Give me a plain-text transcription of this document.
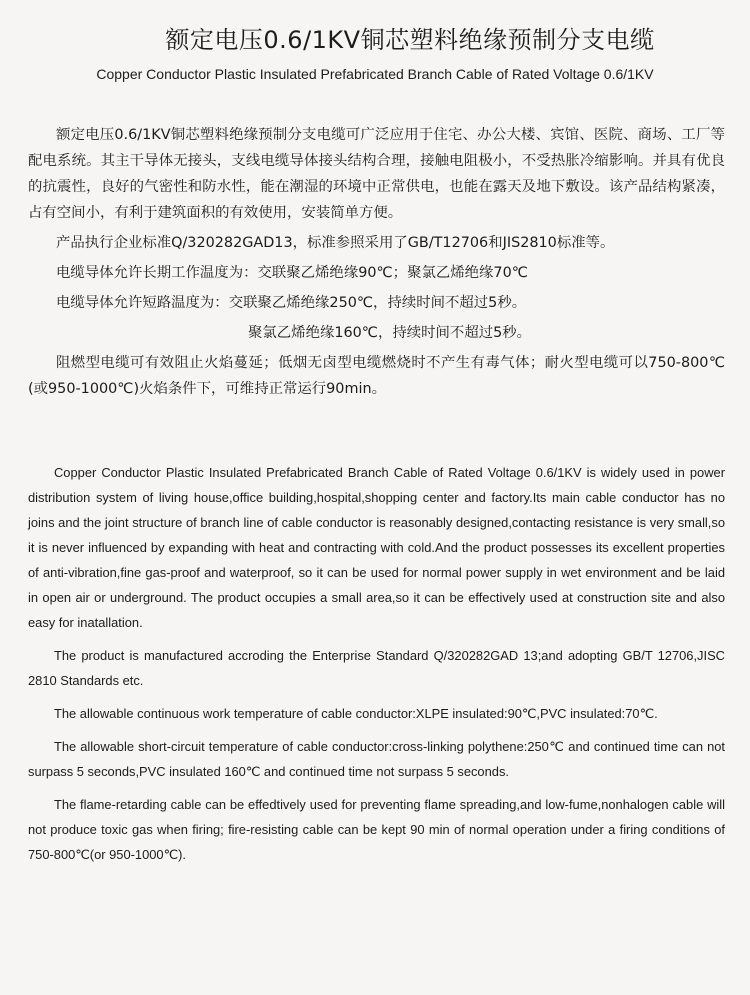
额定电压0.6/1KV铜芯塑料绝缘预制分支电缆
Copper Conductor Plastic Insulated Prefabricated Branch Cable of Rated Voltage 0.6/1KV

额定电压0.6/1KV铜芯塑料绝缘预制分支电缆可广泛应用于住宅、办公大楼、宾馆、医院、商场、工厂等配电系统。其主干导体无接头，支线电缆导体接头结构合理，接触电阻极小，不受热胀冷缩影响。并具有优良的抗震性，良好的气密性和防水性，能在潮湿的环境中正常供电，也能在露天及地下敷设。该产品结构紧凑，占有空间小，有利于建筑面积的有效使用，安装简单方便。

产品执行企业标准Q/320282GAD13，标准参照采用了GB/T12706和JIS2810标准等。

电缆导体允许长期工作温度为：交联聚乙烯绝缘90℃；聚氯乙烯绝缘70℃

电缆导体允许短路温度为：交联聚乙烯绝缘250℃，持续时间不超过5秒。

聚氯乙烯绝缘160℃，持续时间不超过5秒。

阻燃型电缆可有效阻止火焰蔓延；低烟无卤型电缆燃烧时不产生有毒气体；耐火型电缆可以750-800℃(或950-1000℃)火焰条件下，可维持正常运行90min。

Copper Conductor Plastic Insulated Prefabricated Branch Cable of Rated Voltage 0.6/1KV is widely used in power distribution system of living house,office building,hospital,shopping center and factory.Its main cable conductor has no joins and the joint structure of branch line of cable conductor is reasonably designed,contacting resistance is very small,so it is never influenced by expanding with heat and contracting with cold.And the product possesses its excellent properties of anti-vibration,fine gas-proof and waterproof, so it can be used for normal power supply in wet environment and be laid in open air or underground. The product occupies a small area,so it can be effectively used at construction site and also easy for inatallation.

The product is manufactured accroding the Enterprise Standard Q/320282GAD 13;and adopting GB/T 12706,JISC 2810 Standards etc.

The allowable continuous work temperature of cable conductor:XLPE insulated:90℃,PVC insulated:70℃.

The allowable short-circuit temperature of cable conductor:cross-linking polythene:250℃ and continued time can not surpass 5 seconds,PVC insulated 160℃ and continued time not surpass 5 seconds.

The flame-retarding cable can be effedtively used for preventing flame spreading,and low-fume,nonhalogen cable will not produce toxic gas when firing; fire-resisting cable can be kept 90 min of normal operation under a firing conditions of 750-800℃(or 950-1000℃).
